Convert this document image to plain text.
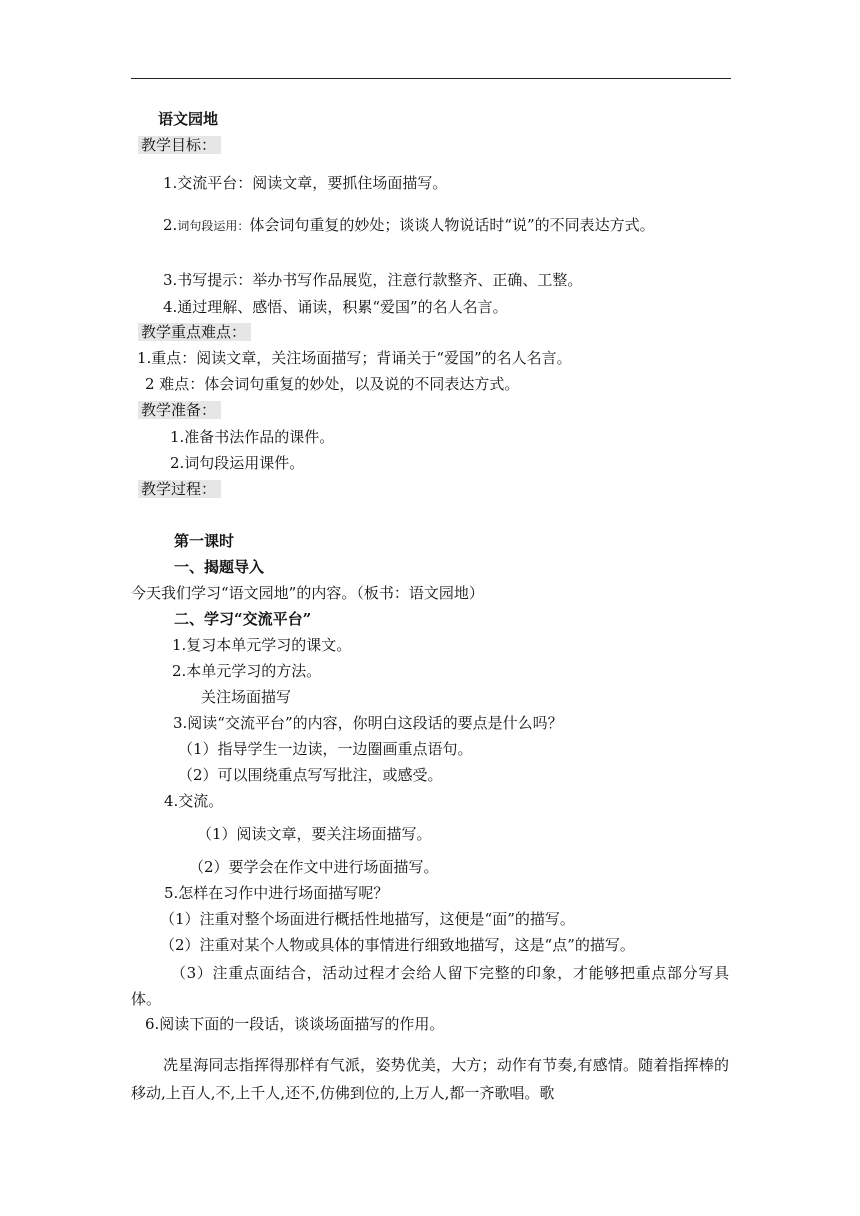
语文园地
教学目标：
1.交流平台：阅读文章，要抓住场面描写。
2.词句段运用：体会词句重复的妙处；谈谈人物说话时“说”的不同表达方式。
3.书写提示：举办书写作品展览，注意行款整齐、正确、工整。
4.通过理解、感悟、诵读，积累“爱国”的名人名言。
教学重点难点：
1.重点：阅读文章，关注场面描写；背诵关于“爱国”的名人名言。
2 难点：体会词句重复的妙处，以及说的不同表达方式。
教学准备：
1.准备书法作品的课件。
2.词句段运用课件。
教学过程：
第一课时
一、揭题导入
今天我们学习“语文园地”的内容。（板书：语文园地）
二、学习“交流平台”
1.复习本单元学习的课文。
2.本单元学习的方法。
关注场面描写
3.阅读“交流平台”的内容，你明白这段话的要点是什么吗？
（1）指导学生一边读，一边圈画重点语句。
（2）可以围绕重点写写批注，或感受。
4.交流。
（1）阅读文章，要关注场面描写。
（2）要学会在作文中进行场面描写。
5.怎样在习作中进行场面描写呢？
（1）注重对整个场面进行概括性地描写，这便是“面”的描写。
（2）注重对某个人物或具体的事情进行细致地描写，这是“点”的描写。
（3）注重点面结合，活动过程才会给人留下完整的印象，才能够把重点部分写具体。
6.阅读下面的一段话，谈谈场面描写的作用。
冼星海同志指挥得那样有气派，姿势优美，大方；动作有节奏,有感情。随着指挥棒的移动,上百人,不,上千人,还不,仿佛到位的,上万人,都一齐歌唱。歌
